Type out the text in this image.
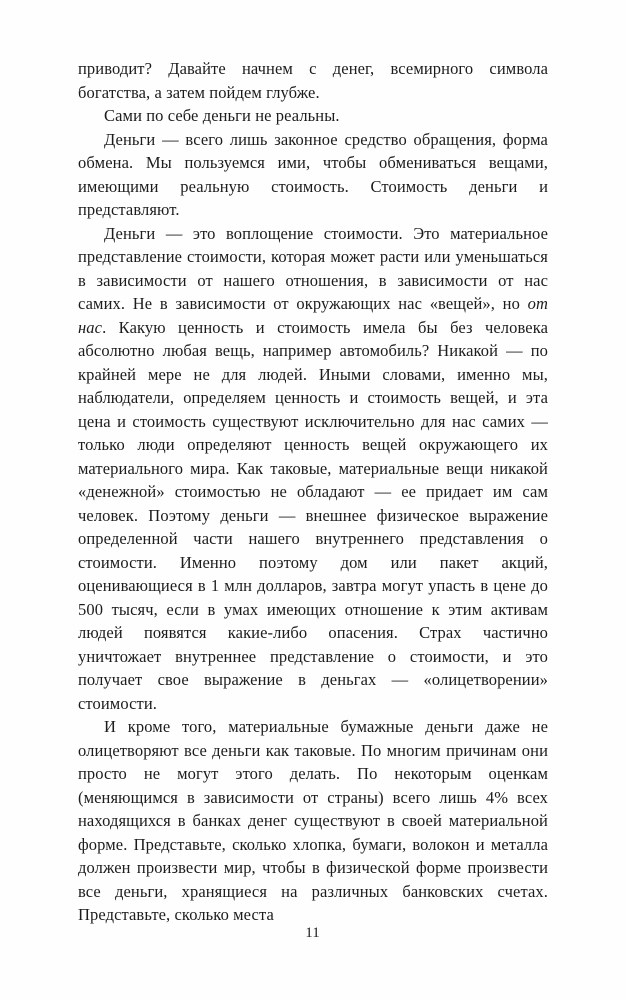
приводит? Давайте начнем с денег, всемирного символа богатства, а затем пойдем глубже.

Сами по себе деньги не реальны.

Деньги — всего лишь законное средство обращения, форма обмена. Мы пользуемся ими, чтобы обмениваться вещами, имеющими реальную стоимость. Стоимость деньги и представляют.

Деньги — это воплощение стоимости. Это материальное представление стоимости, которая может расти или уменьшаться в зависимости от нашего отношения, в зависимости от нас самих. Не в зависимости от окружающих нас «вещей», но от нас. Какую ценность и стоимость имела бы без человека абсолютно любая вещь, например автомобиль? Никакой — по крайней мере не для людей. Иными словами, именно мы, наблюдатели, определяем ценность и стоимость вещей, и эта цена и стоимость существуют исключительно для нас самих — только люди определяют ценность вещей окружающего их материального мира. Как таковые, материальные вещи никакой «денежной» стоимостью не обладают — ее придает им сам человек. Поэтому деньги — внешнее физическое выражение определенной части нашего внутреннего представления о стоимости. Именно поэтому дом или пакет акций, оценивающиеся в 1 млн долларов, завтра могут упасть в цене до 500 тысяч, если в умах имеющих отношение к этим активам людей появятся какие-либо опасения. Страх частично уничтожает внутреннее представление о стоимости, и это получает свое выражение в деньгах — «олицетворении» стоимости.

И кроме того, материальные бумажные деньги даже не олицетворяют все деньги как таковые. По многим причинам они просто не могут этого делать. По некоторым оценкам (меняющимся в зависимости от страны) всего лишь 4% всех находящихся в банках денег существуют в своей материальной форме. Представьте, сколько хлопка, бумаги, волокон и металла должен произвести мир, чтобы в физической форме произвести все деньги, хранящиеся на различных банковских счетах. Представьте, сколько места

11
